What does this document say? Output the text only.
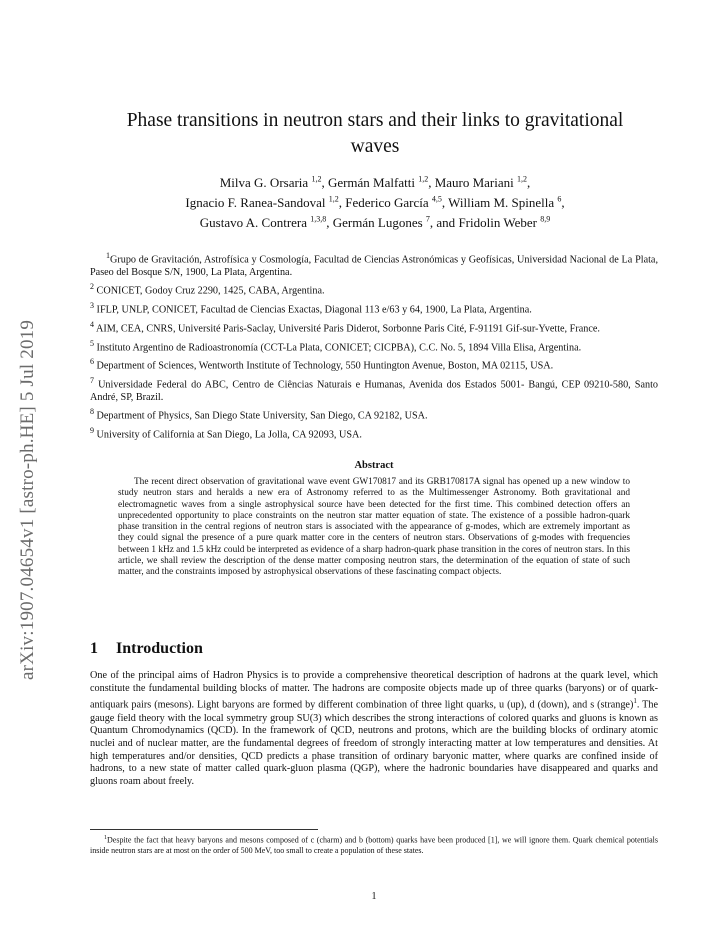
arXiv:1907.04654v1 [astro-ph.HE] 5 Jul 2019
Phase transitions in neutron stars and their links to gravitational waves
Milva G. Orsaria $^{1,2}$, Germán Malfatti $^{1,2}$, Mauro Mariani $^{1,2}$,
Ignacio F. Ranea-Sandoval $^{1,2}$, Federico García $^{4,5}$, William M. Spinella $^6$,
Gustavo A. Contrera $^{1,3,8}$, Germán Lugones $^7$, and Fridolin Weber $^{8,9}$
$^1$Grupo de Gravitación, Astrofísica y Cosmología, Facultad de Ciencias Astronómicas y Geofísicas, Universidad Nacional de La Plata, Paseo del Bosque S/N, 1900, La Plata, Argentina.
$^2$ CONICET, Godoy Cruz 2290, 1425, CABA, Argentina.
$^3$ IFLP, UNLP, CONICET, Facultad de Ciencias Exactas, Diagonal 113 e/63 y 64, 1900, La Plata, Argentina.
$^4$ AIM, CEA, CNRS, Université Paris-Saclay, Université Paris Diderot, Sorbonne Paris Cité, F-91191 Gif-sur-Yvette, France.
$^5$ Instituto Argentino de Radioastronomía (CCT-La Plata, CONICET; CICPBA), C.C. No. 5, 1894 Villa Elisa, Argentina.
$^6$ Department of Sciences, Wentworth Institute of Technology, 550 Huntington Avenue, Boston, MA 02115, USA.
$^7$ Universidade Federal do ABC, Centro de Ciências Naturais e Humanas, Avenida dos Estados 5001- Bangú, CEP 09210-580, Santo André, SP, Brazil.
$^8$ Department of Physics, San Diego State University, San Diego, CA 92182, USA.
$^9$ University of California at San Diego, La Jolla, CA 92093, USA.
Abstract
The recent direct observation of gravitational wave event GW170817 and its GRB170817A signal has opened up a new window to study neutron stars and heralds a new era of Astronomy referred to as the Multimessenger Astronomy. Both gravitational and electromagnetic waves from a single astrophysical source have been detected for the first time. This combined detection offers an unprecedented opportunity to place constraints on the neutron star matter equation of state. The existence of a possible hadron-quark phase transition in the central regions of neutron stars is associated with the appearance of g-modes, which are extremely important as they could signal the presence of a pure quark matter core in the centers of neutron stars. Observations of g-modes with frequencies between 1 kHz and 1.5 kHz could be interpreted as evidence of a sharp hadron-quark phase transition in the cores of neutron stars. In this article, we shall review the description of the dense matter composing neutron stars, the determination of the equation of state of such matter, and the constraints imposed by astrophysical observations of these fascinating compact objects.
1 Introduction
One of the principal aims of Hadron Physics is to provide a comprehensive theoretical description of hadrons at the quark level, which constitute the fundamental building blocks of matter. The hadrons are composite objects made up of three quarks (baryons) or of quark-antiquark pairs (mesons). Light baryons are formed by different combination of three light quarks, u (up), d (down), and s (strange)$^1$. The gauge field theory with the local symmetry group SU(3) which describes the strong interactions of colored quarks and gluons is known as Quantum Chromodynamics (QCD). In the framework of QCD, neutrons and protons, which are the building blocks of ordinary atomic nuclei and of nuclear matter, are the fundamental degrees of freedom of strongly interacting matter at low temperatures and densities. At high temperatures and/or densities, QCD predicts a phase transition of ordinary baryonic matter, where quarks are confined inside of hadrons, to a new state of matter called quark-gluon plasma (QGP), where the hadronic boundaries have disappeared and quarks and gluons roam about freely.
$^1$Despite the fact that heavy baryons and mesons composed of c (charm) and b (bottom) quarks have been produced [1], we will ignore them. Quark chemical potentials inside neutron stars are at most on the order of 500 MeV, too small to create a population of these states.
1
